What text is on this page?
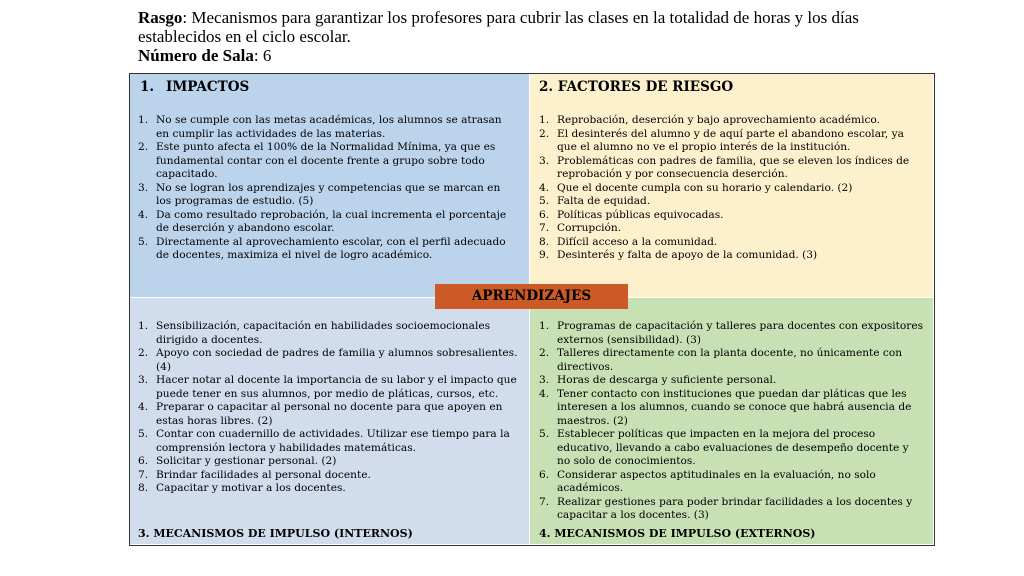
Rasgo: Mecanismos para garantizar los profesores para cubrir las clases en la totalidad de horas y los días establecidos en el ciclo escolar.
Número de Sala: 6
1. IMPACTOS
1. No se cumple con las metas académicas, los alumnos se atrasan en cumplir las actividades de las materias.
2. Este punto afecta el 100% de la Normalidad Mínima, ya que es fundamental contar con el docente frente a grupo sobre todo capacitado.
3. No se logran los aprendizajes y competencias que se marcan en los programas de estudio. (5)
4. Da como resultado reprobación, la cual incrementa el porcentaje de deserción y abandono escolar.
5. Directamente al aprovechamiento escolar, con el perfil adecuado de docentes, maximiza el nivel de logro académico.
2. FACTORES DE RIESGO
1. Reprobación, deserción y bajo aprovechamiento académico.
2. El desinterés del alumno y de aquí parte el abandono escolar, ya que el alumno no ve el propio interés de la institución.
3. Problemáticas con padres de familia, que se eleven los índices de reprobación y por consecuencia deserción.
4. Que el docente cumpla con su horario y calendario. (2)
5. Falta de equidad.
6. Políticas públicas equivocadas.
7. Corrupción.
8. Difícil acceso a la comunidad.
9. Desinterés y falta de apoyo de la comunidad. (3)
1. Sensibilización, capacitación en habilidades socioemocionales dirigido a docentes.
2. Apoyo con sociedad de padres de familia y alumnos sobresalientes. (4)
3. Hacer notar al docente la importancia de su labor y el impacto que puede tener en sus alumnos, por medio de pláticas, cursos, etc.
4. Preparar o capacitar al personal no docente para que apoyen en estas horas libres. (2)
5. Contar con cuadernillo de actividades. Utilizar ese tiempo para la comprensión lectora y habilidades matemáticas.
6. Solicitar y gestionar personal. (2)
7. Brindar facilidades al personal docente.
8. Capacitar y motivar a los docentes.
3. MECANISMOS DE IMPULSO (INTERNOS)
1. Programas de capacitación y talleres para docentes con expositores externos (sensibilidad). (3)
2. Talleres directamente con la planta docente, no únicamente con directivos.
3. Horas de descarga y suficiente personal.
4. Tener contacto con instituciones que puedan dar pláticas que les interesen a los alumnos, cuando se conoce que habrá ausencia de maestros. (2)
5. Establecer políticas que impacten en la mejora del proceso educativo, llevando a cabo evaluaciones de desempeño docente y no solo de conocimientos.
6. Considerar aspectos aptitudinales en la evaluación, no solo académicos.
7. Realizar gestiones para poder brindar facilidades a los docentes y capacitar a los docentes. (3)
4. MECANISMOS DE IMPULSO (EXTERNOS)
APRENDIZAJES
